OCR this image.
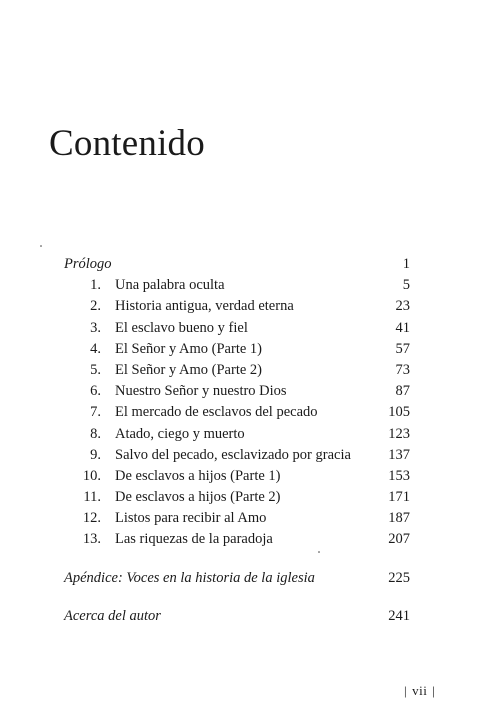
Contenido
Prólogo	1
1. Una palabra oculta	5
2. Historia antigua, verdad eterna	23
3. El esclavo bueno y fiel	41
4. El Señor y Amo (Parte 1)	57
5. El Señor y Amo (Parte 2)	73
6. Nuestro Señor y nuestro Dios	87
7. El mercado de esclavos del pecado	105
8. Atado, ciego y muerto	123
9. Salvo del pecado, esclavizado por gracia	137
10. De esclavos a hijos (Parte 1)	153
11. De esclavos a hijos (Parte 2)	171
12. Listos para recibir al Amo	187
13. Las riquezas de la paradoja	207
Apéndice: Voces en la historia de la iglesia	225
Acerca del autor	241
| vii |
